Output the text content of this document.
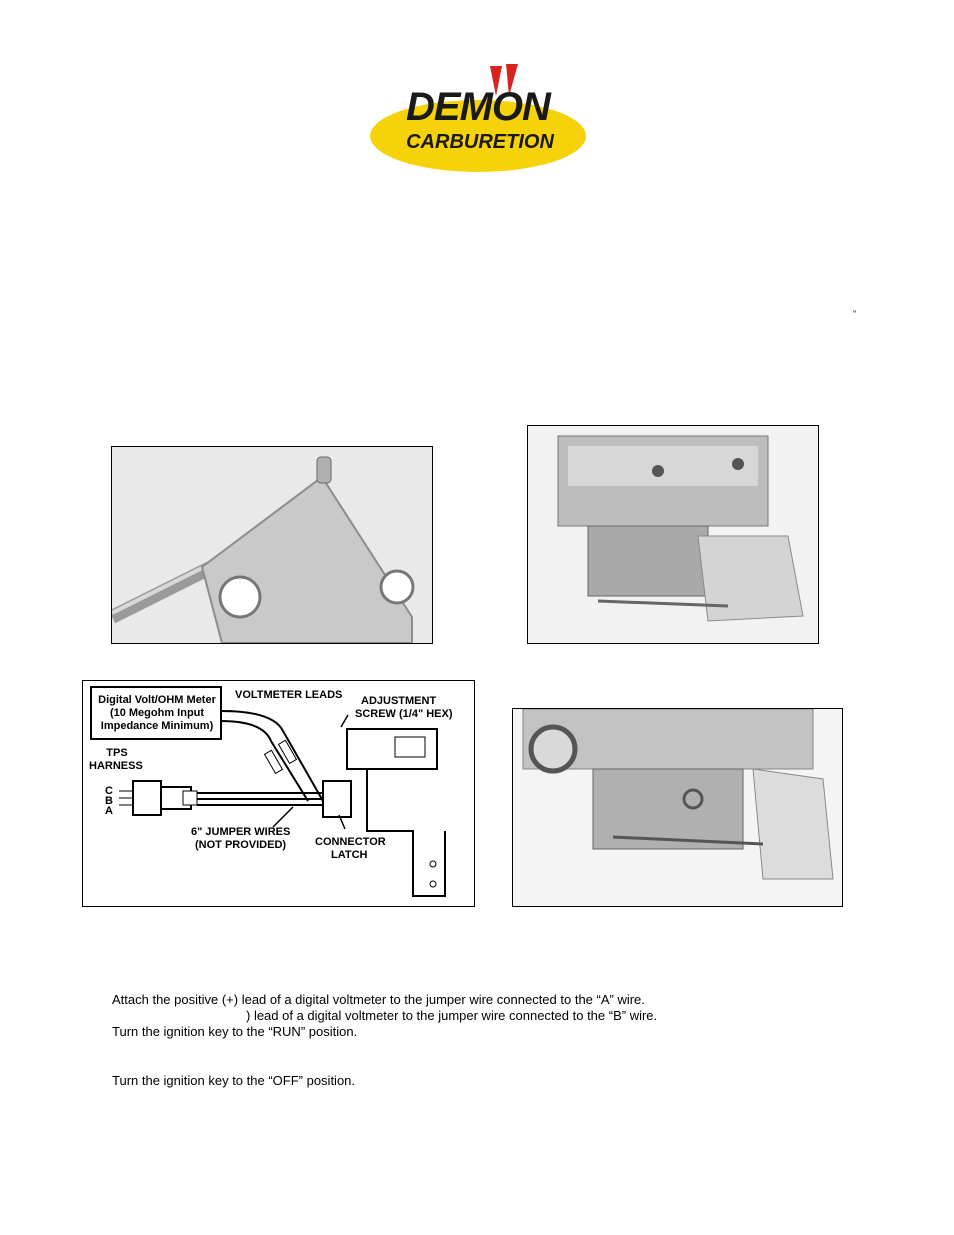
DEMON
CARBURETION
”
Digital Volt/OHM Meter
(10 Megohm Input
Impedance Minimum)
VOLTMETER LEADS ADJUSTMENT
SCREW (1/4" HEX)
TPS
HARNESS
C
B
A
6" JUMPER WIRES
(NOT PROVIDED)	CONNECTOR
LATCH
Attach the positive (+) lead of a digital voltmeter to the jumper wire connected to the “A” wire.
) lead of a digital voltmeter to the jumper wire connected to the “B” wire.
Turn the ignition key to the “RUN” position.
Turn the ignition key to the “OFF” position.
